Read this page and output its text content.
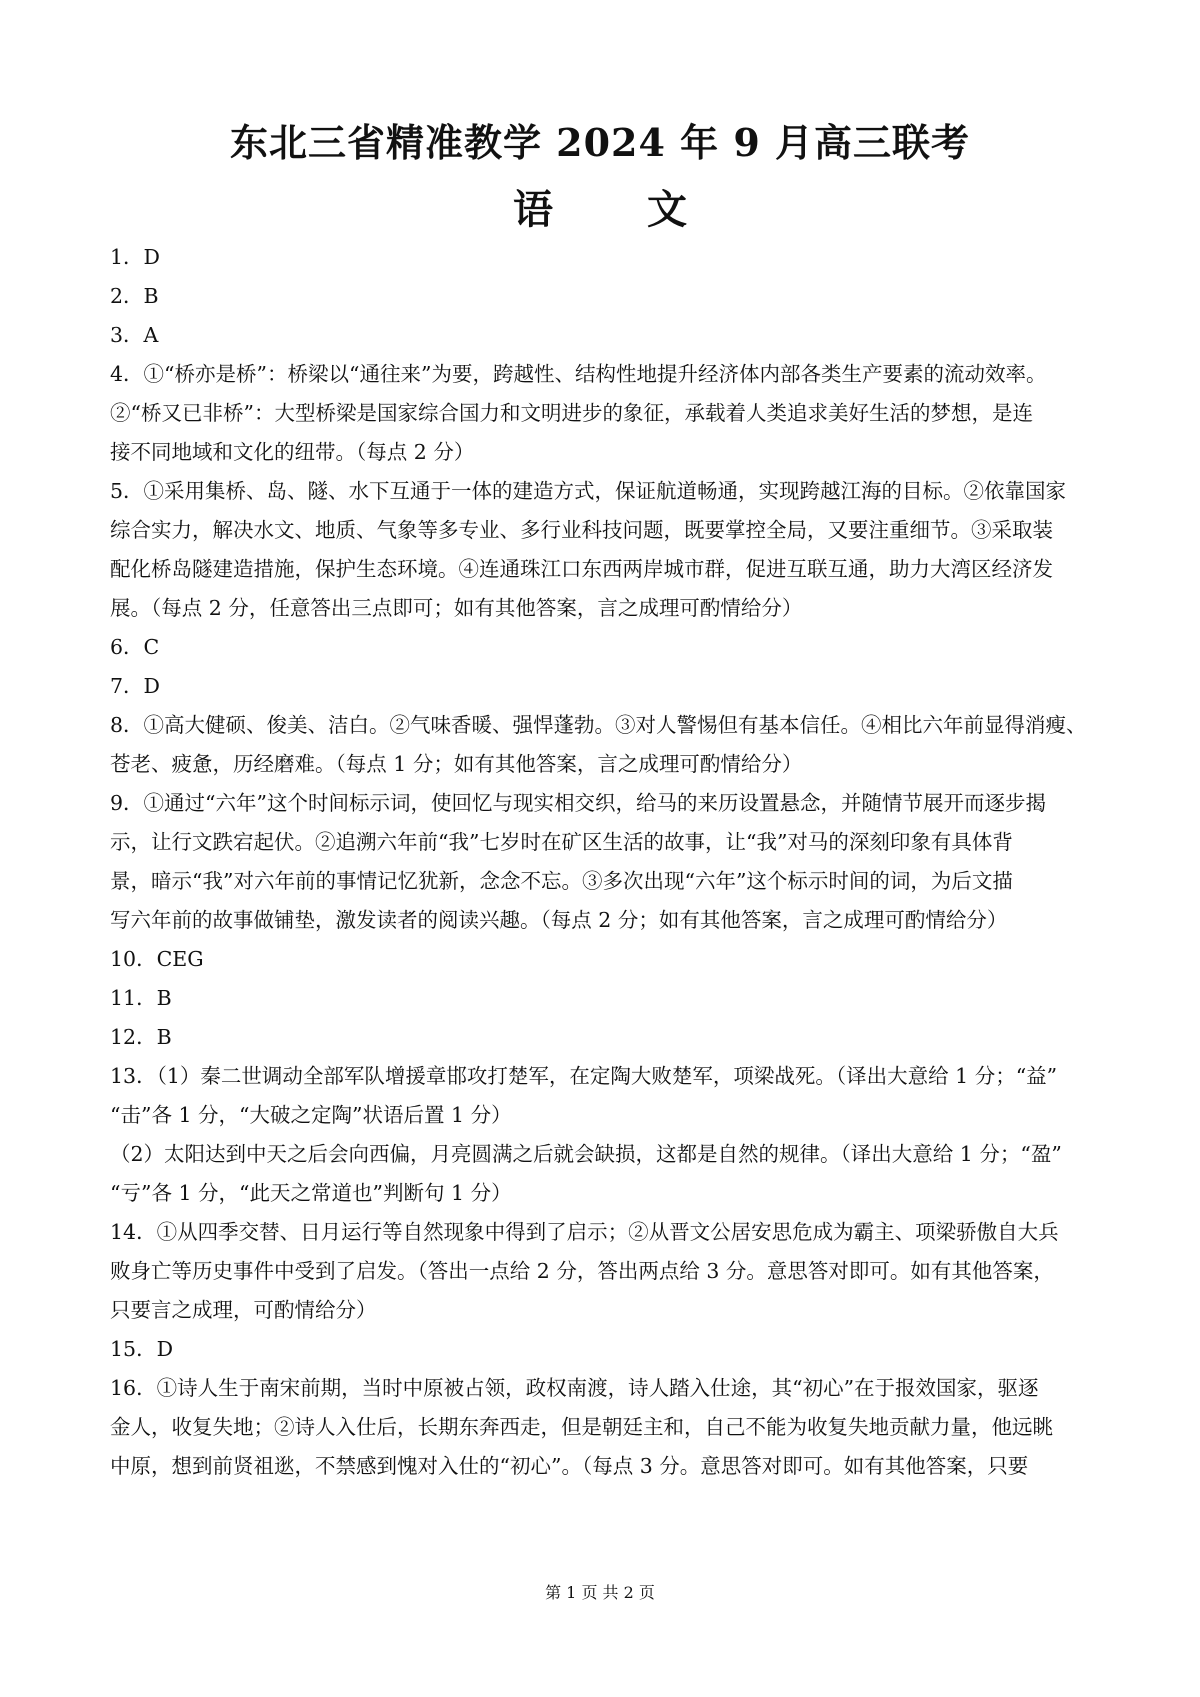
东北三省精准教学 2024 年 9 月高三联考
语 文
1．D
2．B
3．A
4．①“桥亦是桥”：桥梁以“通往来”为要，跨越性、结构性地提升经济体内部各类生产要素的流动效率。
②“桥又已非桥”：大型桥梁是国家综合国力和文明进步的象征，承载着人类追求美好生活的梦想，是连
接不同地域和文化的纽带。（每点 2 分）
5．①采用集桥、岛、隧、水下互通于一体的建造方式，保证航道畅通，实现跨越江海的目标。②依靠国家
综合实力，解决水文、地质、气象等多专业、多行业科技问题，既要掌控全局，又要注重细节。③采取装
配化桥岛隧建造措施，保护生态环境。④连通珠江口东西两岸城市群，促进互联互通，助力大湾区经济发
展。（每点 2 分，任意答出三点即可；如有其他答案，言之成理可酌情给分）
6．C
7．D
8．①高大健硕、俊美、洁白。②气味香暖、强悍蓬勃。③对人警惕但有基本信任。④相比六年前显得消瘦、
苍老、疲惫，历经磨难。（每点 1 分；如有其他答案，言之成理可酌情给分）
9．①通过“六年”这个时间标示词，使回忆与现实相交织，给马的来历设置悬念，并随情节展开而逐步揭
示，让行文跌宕起伏。②追溯六年前“我”七岁时在矿区生活的故事，让“我”对马的深刻印象有具体背
景，暗示“我”对六年前的事情记忆犹新，念念不忘。③多次出现“六年”这个标示时间的词，为后文描
写六年前的故事做铺垫，激发读者的阅读兴趣。（每点 2 分；如有其他答案，言之成理可酌情给分）
10．CEG
11．B
12．B
13．（1）秦二世调动全部军队增援章邯攻打楚军，在定陶大败楚军，项梁战死。（译出大意给 1 分；“益”
“击”各 1 分，“大破之定陶”状语后置 1 分）
（2）太阳达到中天之后会向西偏，月亮圆满之后就会缺损，这都是自然的规律。（译出大意给 1 分；“盈”
“亏”各 1 分，“此天之常道也”判断句 1 分）
14．①从四季交替、日月运行等自然现象中得到了启示；②从晋文公居安思危成为霸主、项梁骄傲自大兵
败身亡等历史事件中受到了启发。（答出一点给 2 分，答出两点给 3 分。意思答对即可。如有其他答案，
只要言之成理，可酌情给分）
15．D
16．①诗人生于南宋前期，当时中原被占领，政权南渡，诗人踏入仕途，其“初心”在于报效国家，驱逐
金人，收复失地；②诗人入仕后，长期东奔西走，但是朝廷主和，自己不能为收复失地贡献力量，他远眺
中原，想到前贤祖逖，不禁感到愧对入仕的“初心”。（每点 3 分。意思答对即可。如有其他答案，只要
第 1 页 共 2 页
